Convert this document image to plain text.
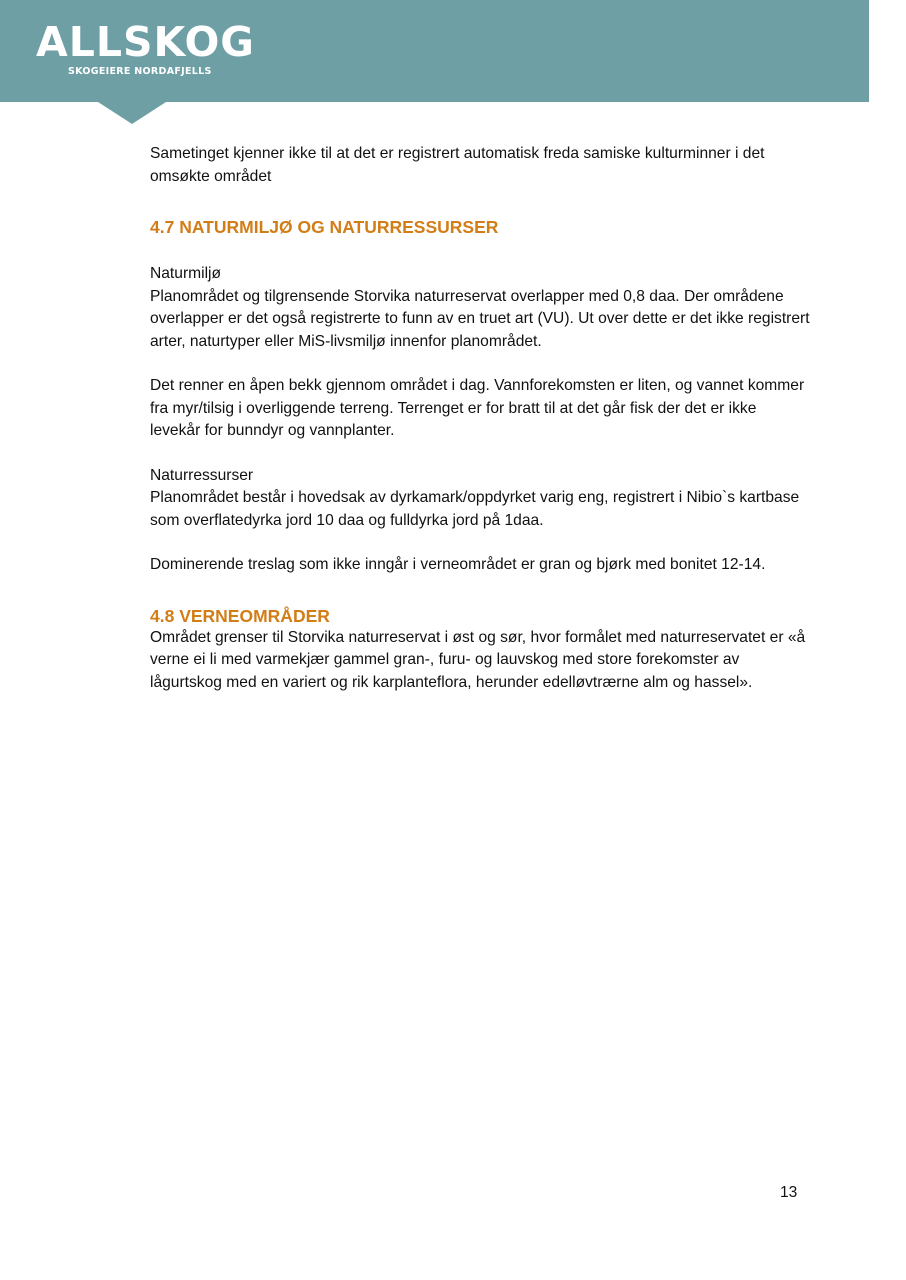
ALLSKOG
SKOGEIERE NORDAFJELLS

Sametinget kjenner ikke til at det er registrert automatisk freda samiske kulturminner i det omsøkte området

4.7 NATURMILJØ OG NATURRESSURSER

Naturmiljø

Planområdet og tilgrensende Storvika naturreservat overlapper med 0,8 daa. Der områdene overlapper er det også registrerte to funn av en truet art (VU). Ut over dette er det ikke registrert arter, naturtyper eller MiS-livsmiljø innenfor planområdet.

Det renner en åpen bekk gjennom området i dag. Vannforekomsten er liten, og vannet kommer fra myr/tilsig i overliggende terreng. Terrenget er for bratt til at det går fisk der det er ikke levekår for bunndyr og vannplanter.

Naturressurser

Planområdet består i hovedsak av dyrkamark/oppdyrket varig eng, registrert i Nibio`s kartbase som overflatedyrka jord 10 daa og fulldyrka jord på 1daa.

Dominerende treslag som ikke inngår i verneområdet er gran og bjørk med bonitet 12-14.

4.8 VERNEOMRÅDER

Området grenser til Storvika naturreservat i øst og sør, hvor formålet med naturreservatet er «å verne ei li med varmekjær gammel gran-, furu- og lauvskog med store forekomster av lågurtskog med en variert og rik karplanteflora, herunder edelløvtrærne alm og hassel».

13
